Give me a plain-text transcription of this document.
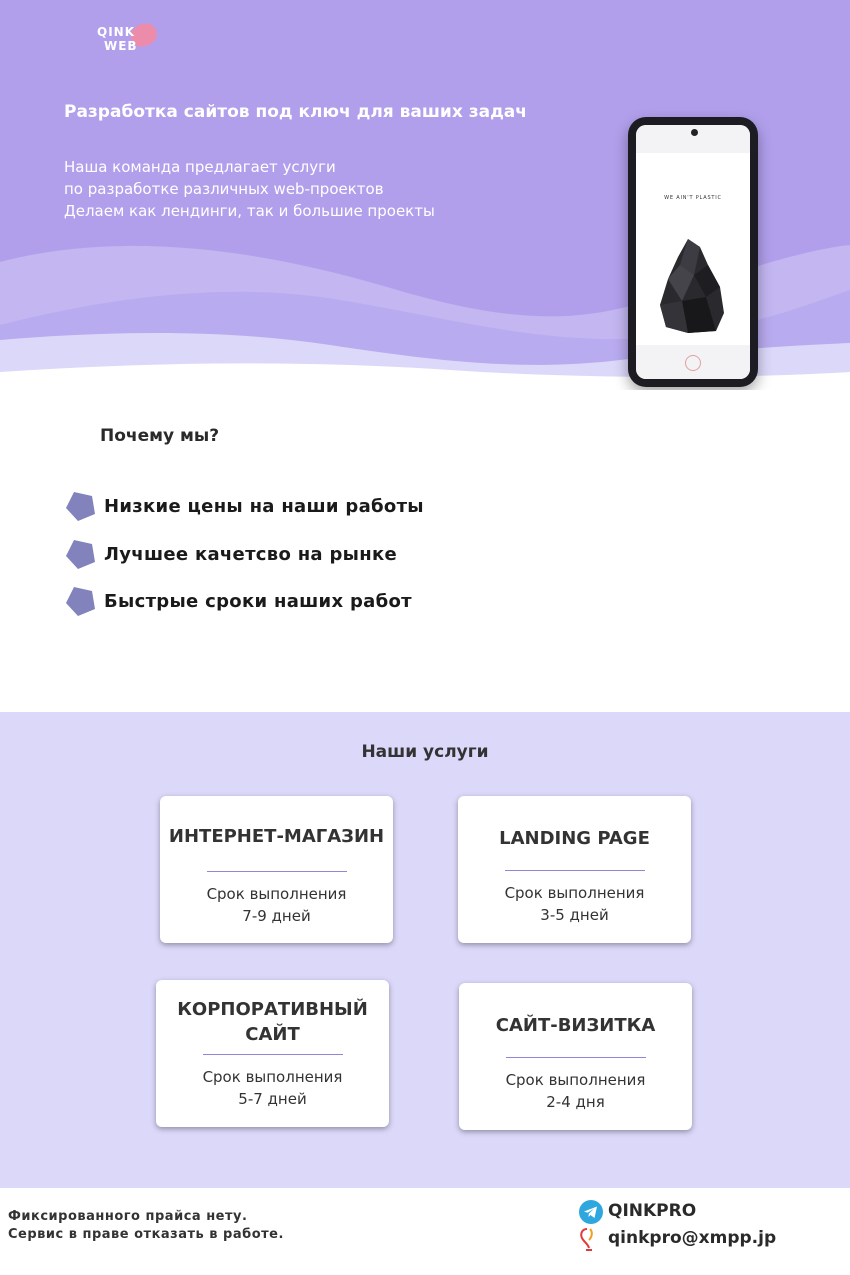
QINK
WEB
Разработка сайтов под ключ для ваших задач
Наша команда предлагает услуги
по разработке различных web-проектов
Делаем как лендинги, так и большие проекты
WE AIN'T PLASTIC
Почему мы?
Низкие цены на наши работы
Лучшее качетсво на рынке
Быстрые сроки наших работ
Наши услуги
ИНТЕРНЕТ-МАГАЗИН
Срок выполнения
7-9 дней
LANDING PAGE
Срок выполнения
3-5 дней
КОРПОРАТИВНЫЙ
САЙТ
Срок выполнения
5-7 дней
САЙТ-ВИЗИТКА
Срок выполнения
2-4 дня
Фиксированного прайса нету.
Сервис в праве отказать в работе.
QINKPRO
qinkpro@xmpp.jp
